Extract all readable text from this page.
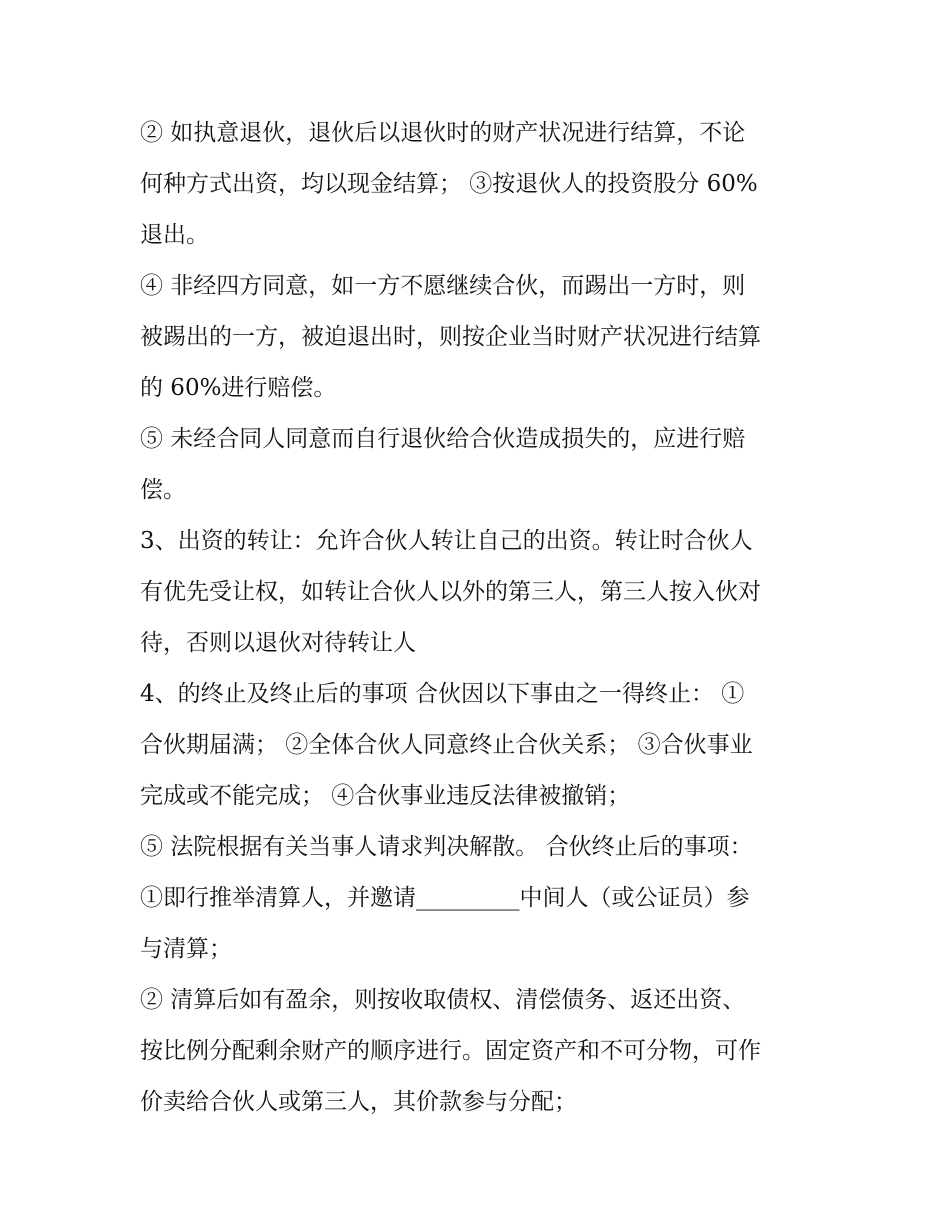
② 如执意退伙，退伙后以退伙时的财产状况进行结算，不论
何种方式出资，均以现金结算； ③按退伙人的投资股分 60%
退出。
④ 非经四方同意，如一方不愿继续合伙，而踢出一方时，则
被踢出的一方，被迫退出时，则按企业当时财产状况进行结算
的 60%进行赔偿。
⑤ 未经合同人同意而自行退伙给合伙造成损失的，应进行赔
偿。
3、出资的转让：允许合伙人转让自己的出资。转让时合伙人
有优先受让权，如转让合伙人以外的第三人，第三人按入伙对
待，否则以退伙对待转让人
4、的终止及终止后的事项 合伙因以下事由之一得终止： ①
合伙期届满； ②全体合伙人同意终止合伙关系； ③合伙事业
完成或不能完成； ④合伙事业违反法律被撤销；
⑤ 法院根据有关当事人请求判决解散。 合伙终止后的事项：
①即行推举清算人，并邀请_________中间人（或公证员）参
与清算；
② 清算后如有盈余，则按收取债权、清偿债务、返还出资、
按比例分配剩余财产的顺序进行。固定资产和不可分物，可作
价卖给合伙人或第三人，其价款参与分配；
